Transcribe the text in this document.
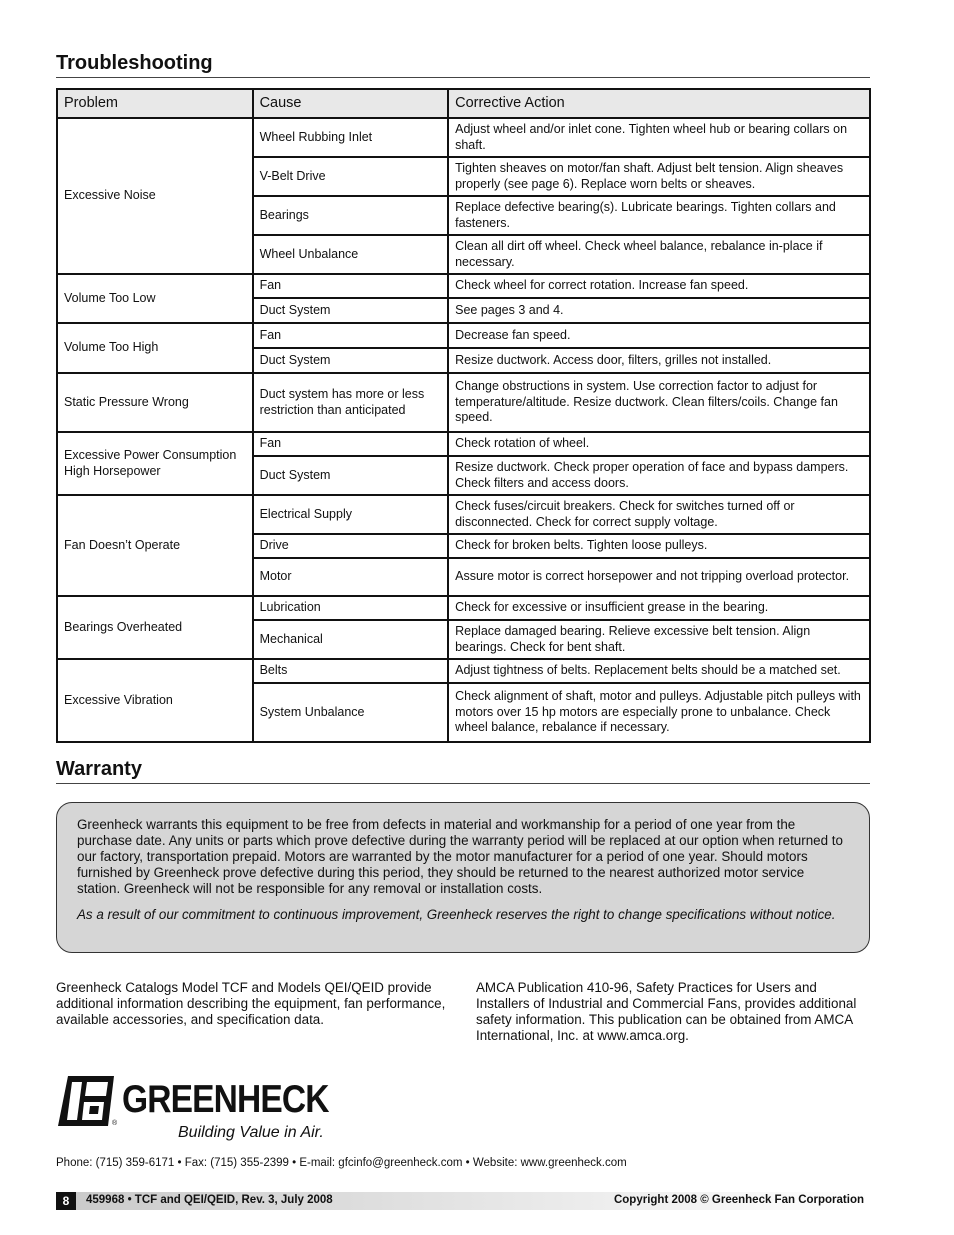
Troubleshooting
Problem	Cause	Corrective Action
Excessive Noise	Wheel Rubbing Inlet	Adjust wheel and/or inlet cone. Tighten wheel hub or bearing collars on shaft.
	V-Belt Drive	Tighten sheaves on motor/fan shaft. Adjust belt tension. Align sheaves properly (see page 6). Replace worn belts or sheaves.
	Bearings	Replace defective bearing(s). Lubricate bearings. Tighten collars and fasteners.
	Wheel Unbalance	Clean all dirt off wheel. Check wheel balance, rebalance in-place if necessary.
Volume Too Low	Fan	Check wheel for correct rotation. Increase fan speed.
	Duct System	See pages 3 and 4.
Volume Too High	Fan	Decrease fan speed.
	Duct System	Resize ductwork. Access door, filters, grilles not installed.
Static Pressure Wrong	Duct system has more or less restriction than anticipated	Change obstructions in system. Use correction factor to adjust for temperature/altitude. Resize ductwork. Clean filters/coils. Change fan speed.
Excessive Power Consumption High Horsepower	Fan	Check rotation of wheel.
	Duct System	Resize ductwork. Check proper operation of face and bypass dampers. Check filters and access doors.
Fan Doesn’t Operate	Electrical Supply	Check fuses/circuit breakers. Check for switches turned off or disconnected. Check for correct supply voltage.
	Drive	Check for broken belts. Tighten loose pulleys.
	Motor	Assure motor is correct horsepower and not tripping overload protector.
Bearings Overheated	Lubrication	Check for excessive or insufficient grease in the bearing.
	Mechanical	Replace damaged bearing. Relieve excessive belt tension. Align bearings. Check for bent shaft.
Excessive Vibration	Belts	Adjust tightness of belts. Replacement belts should be a matched set.
	System Unbalance	Check alignment of shaft, motor and pulleys. Adjustable pitch pulleys with motors over 15 hp motors are especially prone to unbalance. Check wheel balance, rebalance if necessary.
Warranty

Greenheck warrants this equipment to be free from defects in material and workmanship for a period of one year from the purchase date. Any units or parts which prove defective during the warranty period will be replaced at our option when returned to our factory, transportation prepaid. Motors are warranted by the motor manufacturer for a period of one year. Should motors furnished by Greenheck prove defective during this period, they should be returned to the nearest authorized motor service station. Greenheck will not be responsible for any removal or installation costs.

As a result of our commitment to continuous improvement, Greenheck reserves the right to change specifications without notice.

Greenheck Catalogs Model TCF and Models QEI/QEID provide additional information describing the equipment, fan performance, available accessories, and specification data.
AMCA Publication 410-96, Safety Practices for Users and Installers of Industrial and Commercial Fans, provides additional safety information. This publication can be obtained from AMCA International, Inc. at www.amca.org.
®
GREENHECK
Building Value in Air.
Phone: (715) 359-6171 • Fax: (715) 355-2399 • E-mail: gfcinfo@greenheck.com • Website: www.greenheck.com
8	459968 • TCF and QEI/QEID, Rev. 3, July 2008	Copyright 2008 © Greenheck Fan Corporation
